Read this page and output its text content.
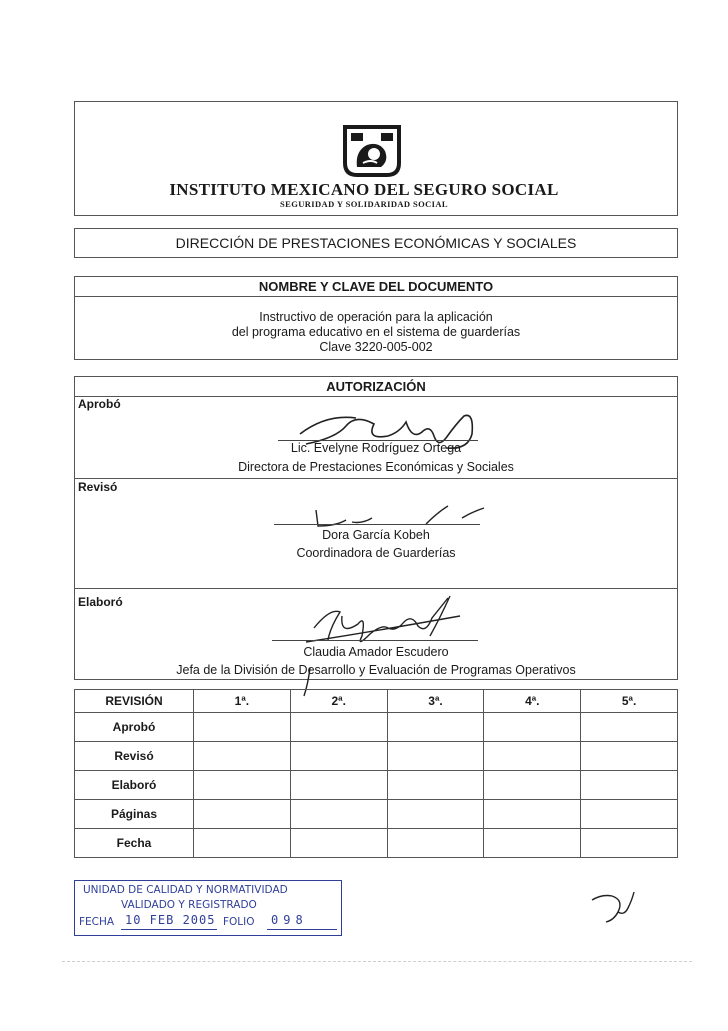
INSTITUTO MEXICANO DEL SEGURO SOCIAL
SEGURIDAD Y SOLIDARIDAD SOCIAL
DIRECCIÓN DE PRESTACIONES ECONÓMICAS Y SOCIALES
NOMBRE Y CLAVE DEL DOCUMENTO
Instructivo de operación para la aplicación
del programa educativo en el sistema de guarderías
Clave 3220-005-002
AUTORIZACIÓN
Aprobó
Lic. Evelyne Rodríguez Ortega
Directora de Prestaciones Económicas y Sociales
Revisó
Dora García Kobeh
Coordinadora de Guarderías
Elaboró
Claudia Amador Escudero
Jefa de la División de Desarrollo y Evaluación de Programas Operativos
REVISIÓN	1ª.	2ª.	3ª.	4ª.	5ª.
Aprobó					
Revisó					
Elaboró					
Páginas					
Fecha					
UNIDAD DE CALIDAD Y NORMATIVIDAD
VALIDADO Y REGISTRADO
FECHA 10 FEB 2005 FOLIO 098
